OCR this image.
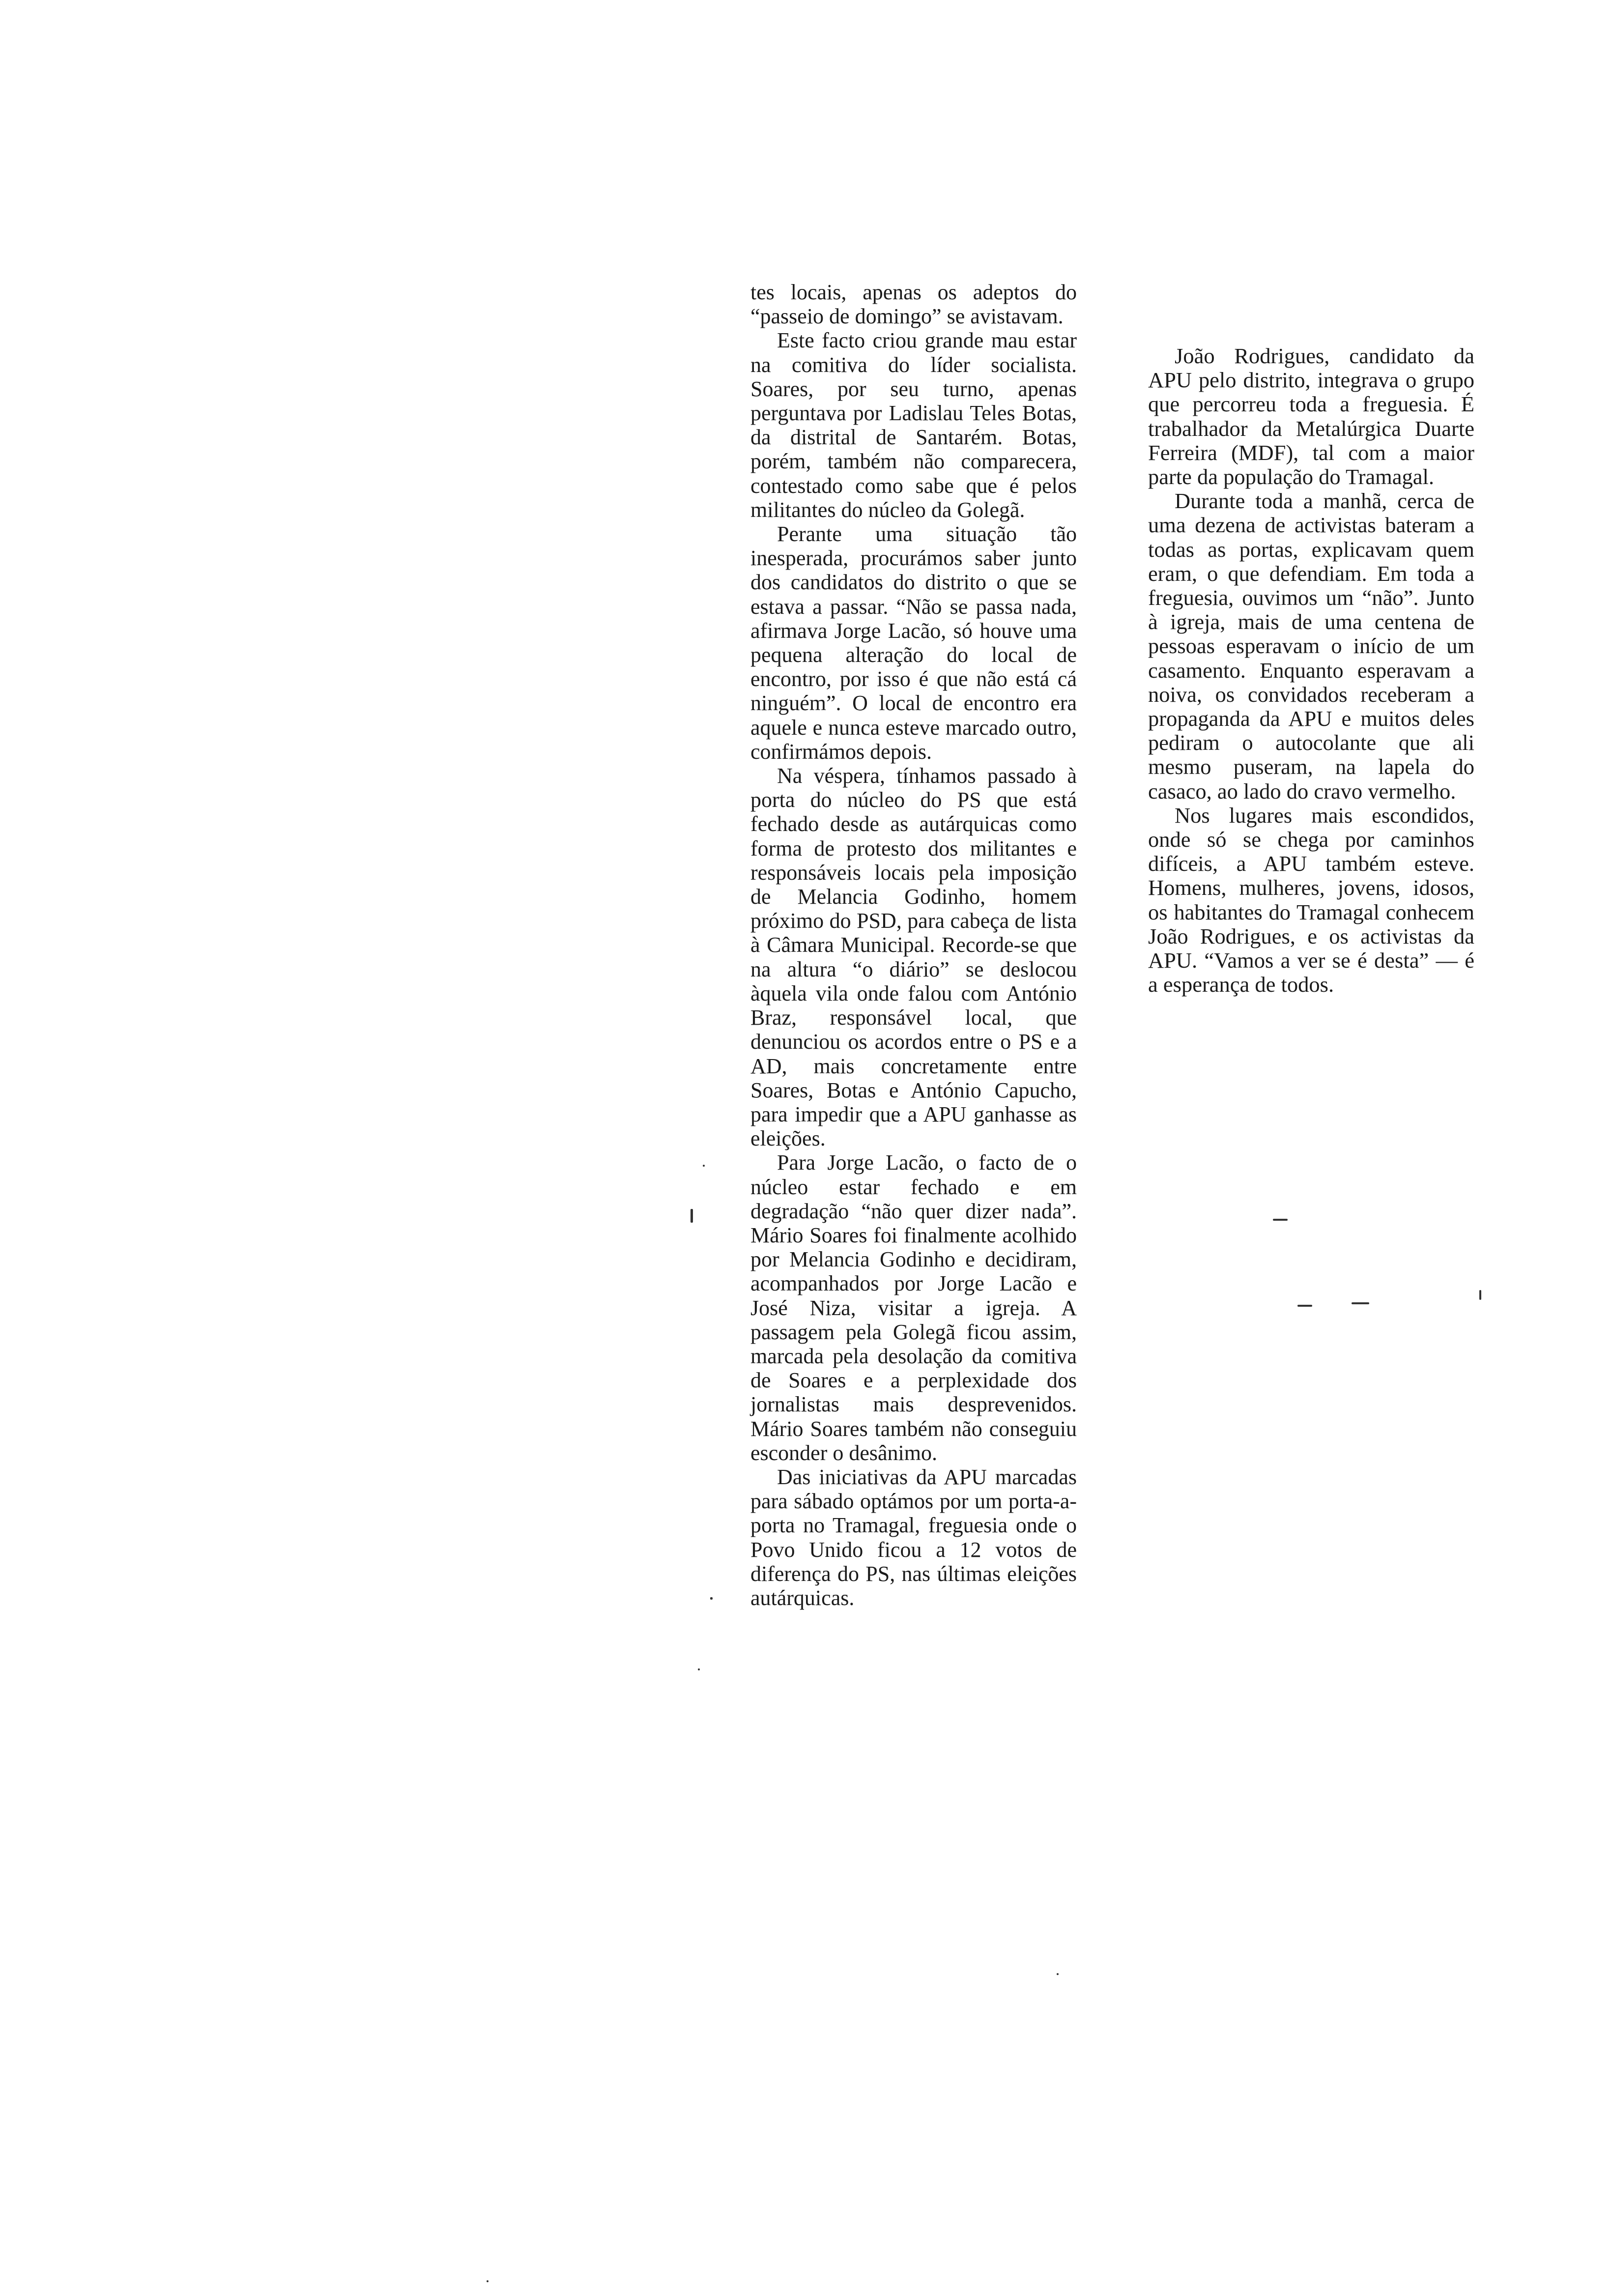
tes locais, apenas os adeptos do “passeio de domingo” se avistavam.

Este facto criou grande mau estar na comitiva do líder socialista. Soares, por seu turno, apenas perguntava por Ladislau Teles Botas, da distrital de Santarém. Botas, porém, também não comparecera, contestado como sabe que é pelos militantes do núcleo da Golegã.

Perante uma situação tão inesperada, procurámos saber junto dos candidatos do distrito o que se estava a passar. “Não se passa nada, afirmava Jorge Lacão, só houve uma pequena alteração do local de encontro, por isso é que não está cá ninguém”. O local de encontro era aquele e nunca esteve marcado outro, confirmámos depois.

Na véspera, tínhamos passado à porta do núcleo do PS que está fechado desde as autárquicas como forma de protesto dos militantes e responsáveis locais pela imposição de Melancia Godinho, homem próximo do PSD, para cabeça de lista à Câmara Municipal. Recorde-se que na altura “o diário” se deslocou àquela vila onde falou com António Braz, responsável local, que denunciou os acordos entre o PS e a AD, mais concretamente entre Soares, Botas e António Capucho, para impedir que a APU ganhasse as eleições.

Para Jorge Lacão, o facto de o núcleo estar fechado e em degradação “não quer dizer nada”. Mário Soares foi finalmente acolhido por Melancia Godinho e decidiram, acompanhados por Jorge Lacão e José Niza, visitar a igreja. A passagem pela Golegã ficou assim, marcada pela desolação da comitiva de Soares e a perplexidade dos jornalistas mais desprevenidos. Mário Soares também não conseguiu esconder o desânimo.

Das iniciativas da APU marcadas para sábado optámos por um porta-a-porta no Tramagal, freguesia onde o Povo Unido ficou a 12 votos de diferença do PS, nas últimas eleições autárquicas.

João Rodrigues, candidato da APU pelo distrito, integrava o grupo que percorreu toda a freguesia. É trabalhador da Metalúrgica Duarte Ferreira (MDF), tal com a maior parte da população do Tramagal.

Durante toda a manhã, cerca de uma dezena de activistas bateram a todas as portas, explicavam quem eram, o que defendiam. Em toda a freguesia, ouvimos um “não”. Junto à igreja, mais de uma centena de pessoas esperavam o início de um casamento. Enquanto esperavam a noiva, os convidados receberam a propaganda da APU e muitos deles pediram o autocolante que ali mesmo puseram, na lapela do casaco, ao lado do cravo vermelho.

Nos lugares mais escondidos, onde só se chega por caminhos difíceis, a APU também esteve. Homens, mulheres, jovens, idosos, os habitantes do Tramagal conhecem João Rodrigues, e os activistas da APU. “Vamos a ver se é desta” — é a esperança de todos.
